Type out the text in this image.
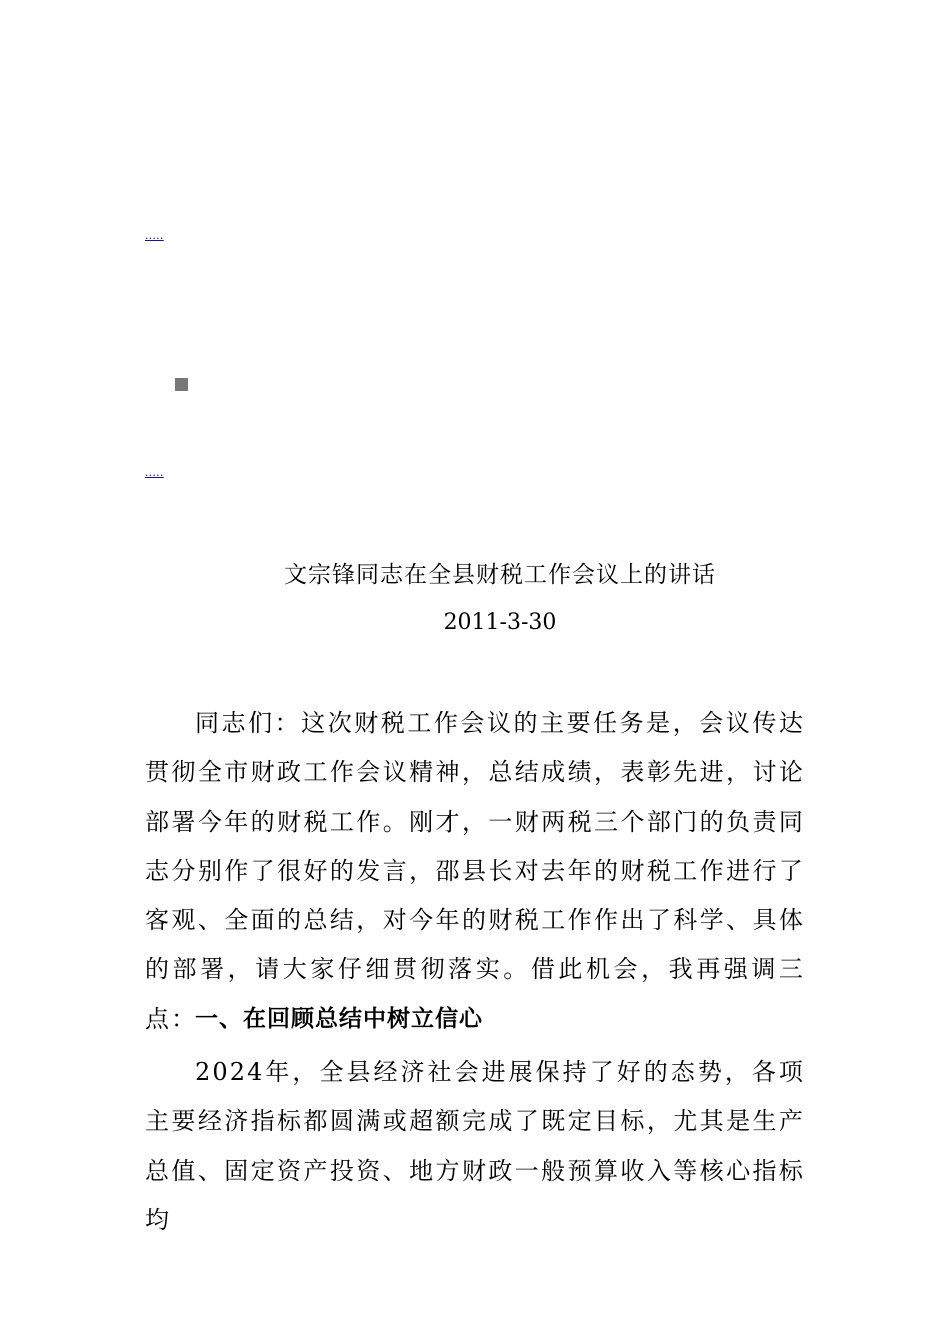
.....
.....
文宗锋同志在全县财税工作会议上的讲话
2011-3-30
同志们：这次财税工作会议的主要任务是，会议传达贯彻全市财政工作会议精神，总结成绩，表彰先进，讨论部署今年的财税工作。刚才，一财两税三个部门的负责同志分别作了很好的发言，邵县长对去年的财税工作进行了客观、全面的总结，对今年的财税工作作出了科学、具体的部署，请大家仔细贯彻落实。借此机会，我再强调三点：
一、在回顾总结中树立信心
2024年，全县经济社会进展保持了好的态势，各项主要经济指标都圆满或超额完成了既定目标，尤其是生产总值、固定资产投资、地方财政一般预算收入等核心指标均
